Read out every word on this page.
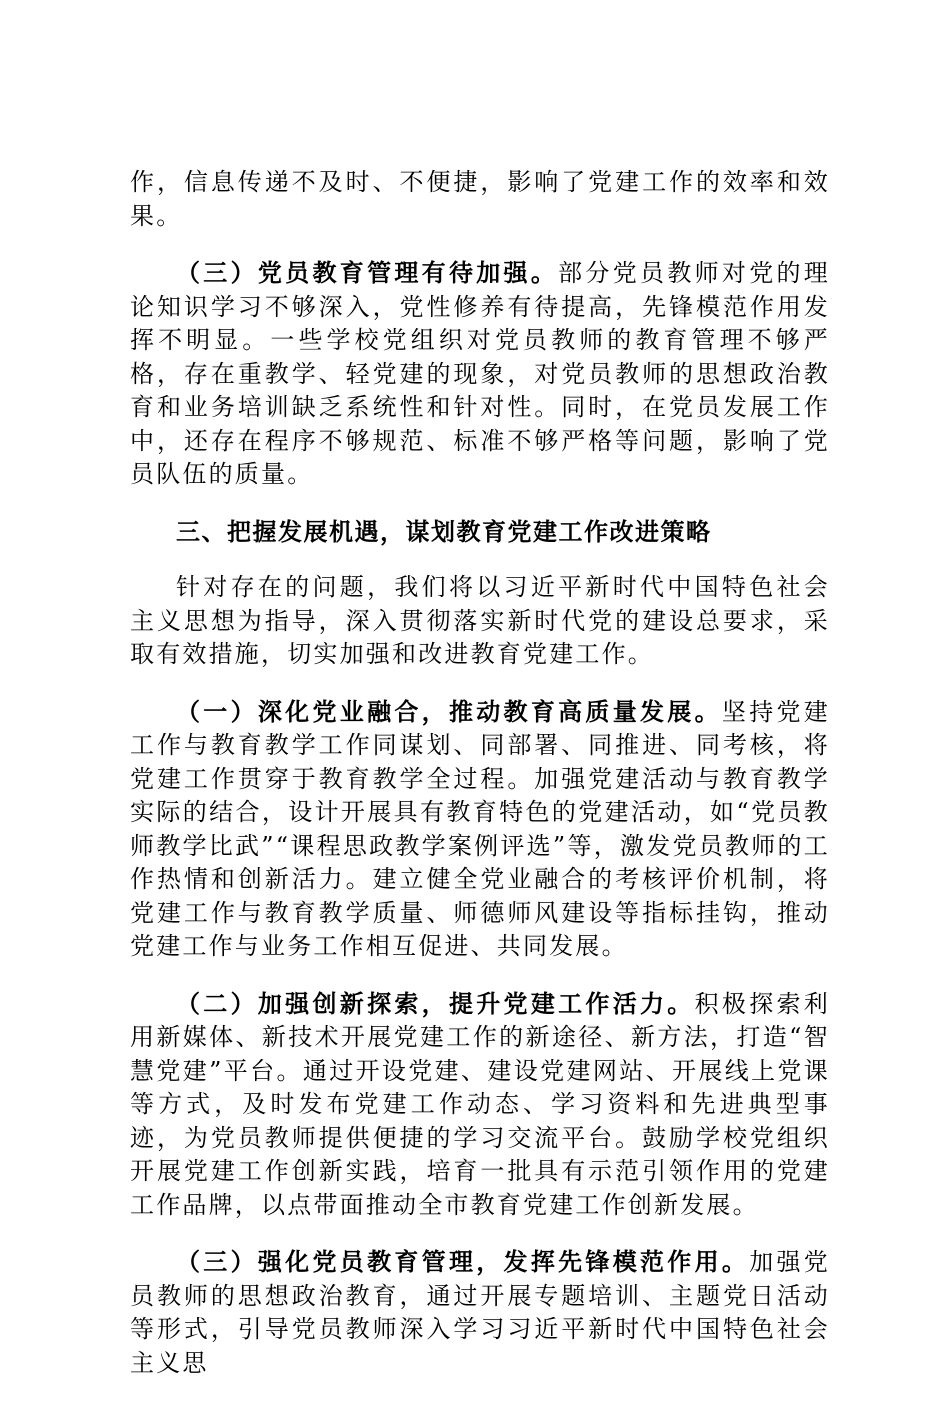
作，信息传递不及时、不便捷，影响了党建工作的效率和效果。

（三）党员教育管理有待加强。部分党员教师对党的理论知识学习不够深入，党性修养有待提高，先锋模范作用发挥不明显。一些学校党组织对党员教师的教育管理不够严格，存在重教学、轻党建的现象，对党员教师的思想政治教育和业务培训缺乏系统性和针对性。同时，在党员发展工作中，还存在程序不够规范、标准不够严格等问题，影响了党员队伍的质量。

三、把握发展机遇，谋划教育党建工作改进策略

针对存在的问题，我们将以习近平新时代中国特色社会主义思想为指导，深入贯彻落实新时代党的建设总要求，采取有效措施，切实加强和改进教育党建工作。

（一）深化党业融合，推动教育高质量发展。坚持党建工作与教育教学工作同谋划、同部署、同推进、同考核，将党建工作贯穿于教育教学全过程。加强党建活动与教育教学实际的结合，设计开展具有教育特色的党建活动，如“党员教师教学比武”“课程思政教学案例评选”等，激发党员教师的工作热情和创新活力。建立健全党业融合的考核评价机制，将党建工作与教育教学质量、师德师风建设等指标挂钩，推动党建工作与业务工作相互促进、共同发展。

（二）加强创新探索，提升党建工作活力。积极探索利用新媒体、新技术开展党建工作的新途径、新方法，打造“智慧党建”平台。通过开设党建、建设党建网站、开展线上党课等方式，及时发布党建工作动态、学习资料和先进典型事迹，为党员教师提供便捷的学习交流平台。鼓励学校党组织开展党建工作创新实践，培育一批具有示范引领作用的党建工作品牌，以点带面推动全市教育党建工作创新发展。

（三）强化党员教育管理，发挥先锋模范作用。加强党员教师的思想政治教育，通过开展专题培训、主题党日活动等形式，引导党员教师深入学习习近平新时代中国特色社会主义思
